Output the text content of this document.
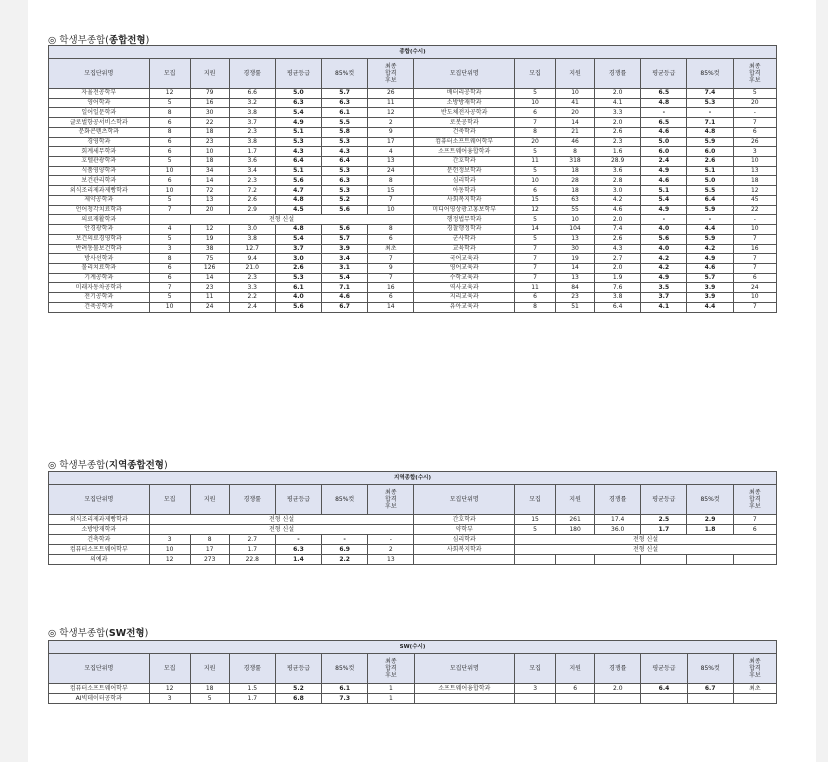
◎ 학생부종합(종합전형)
종합(수시)													
모집단위명	모집	지원	경쟁률	평균등급	85%컷	최종
합격
후보	모집단위명	모집	지원	경쟁률	평균등급	85%컷	최종
합격
후보
자율전공학부	12	79	6.6	5.0	5.7	26	배터리공학과	5	10	2.0	6.5	7.4	5
영어학과	5	16	3.2	6.3	6.3	11	소방방재학과	10	41	4.1	4.8	5.3	20
일어일문학과	8	30	3.8	5.4	6.1	12	반도체전자공학과	6	20	3.3	-	-	-
글로벌항공서비스학과	6	22	3.7	4.9	5.5	2	로봇공학과	7	14	2.0	6.5	7.1	7
문화콘텐츠학과	8	18	2.3	5.1	5.8	9	건축학과	8	21	2.6	4.6	4.8	6
경영학과	6	23	3.8	5.3	5.3	17	컴퓨터소프트웨어학부	20	46	2.3	5.0	5.9	26
회계세무학과	6	10	1.7	4.3	4.3	4	소프트웨어융합학과	5	8	1.6	6.0	6.0	3
호텔관광학과	5	18	3.6	6.4	6.4	13	간호학과	11	318	28.9	2.4	2.6	10
식품영양학과	10	34	3.4	5.1	5.3	24	문헌정보학과	5	18	3.6	4.9	5.1	13
보건관리학과	6	14	2.3	5.6	6.3	8	심리학과	10	28	2.8	4.6	5.0	18
외식조리제과제빵학과	10	72	7.2	4.7	5.3	15	아동학과	6	18	3.0	5.1	5.5	12
제약공학과	5	13	2.6	4.8	5.2	7	사회복지학과	15	63	4.2	5.4	6.4	45
언어청각치료학과	7	20	2.9	4.5	5.6	10	미디어영상광고홍보학부	12	55	4.6	4.9	5.9	22
의료재활학과	전형 신설						행정법무학과	5	10	2.0	-	-	-
안경광학과	4	12	3.0	4.8	5.6	8	경찰행정학과	14	104	7.4	4.0	4.4	10
보건의료경영학과	5	19	3.8	5.4	5.7	6	군사학과	5	13	2.6	5.6	5.9	7
반려동물보건학과	3	38	12.7	3.7	3.9	최초	교육학과	7	30	4.3	4.0	4.2	16
방사선학과	8	75	9.4	3.0	3.4	7	국어교육과	7	19	2.7	4.2	4.9	7
물리치료학과	6	126	21.0	2.6	3.1	9	영어교육과	7	14	2.0	4.2	4.6	7
기계공학과	6	14	2.3	5.3	5.4	7	수학교육과	7	13	1.9	4.9	5.7	6
미래자동차공학과	7	23	3.3	6.1	7.1	16	역사교육과	11	84	7.6	3.5	3.9	24
전기공학과	5	11	2.2	4.0	4.6	6	지리교육과	6	23	3.8	3.7	3.9	10
건축공학과	10	24	2.4	5.6	6.7	14	유아교육과	8	51	6.4	4.1	4.4	7
◎ 학생부종합(지역종합전형)
지역종합(수시)													
모집단위명	모집	지원	경쟁률	평균등급	85%컷	최종
합격
후보	모집단위명	모집	지원	경쟁률	평균등급	85%컷	최종
합격
후보
외식조리제과제빵학과	전형 신설						간호학과	15	261	17.4	2.5	2.9	7
소방방재학과	전형 신설						약학부	5	180	36.0	1.7	1.8	6
건축학과	3	8	2.7	-	-	-	심리학과	전형 신설					
컴퓨터소프트웨어학부	10	17	1.7	6.3	6.9	2	사회복지학과	전형 신설					
의예과	12	273	22.8	1.4	2.2	13							
◎ 학생부종합(SW전형)
SW(수시)													
모집단위명	모집	지원	경쟁률	평균등급	85%컷	최종
합격
후보	모집단위명	모집	지원	경쟁률	평균등급	85%컷	최종
합격
후보
컴퓨터소프트웨어학부	12	18	1.5	5.2	6.1	1	소프트웨어융합학과	3	6	2.0	6.4	6.7	최초
AI빅데이터공학과	3	5	1.7	6.8	7.3	1							
